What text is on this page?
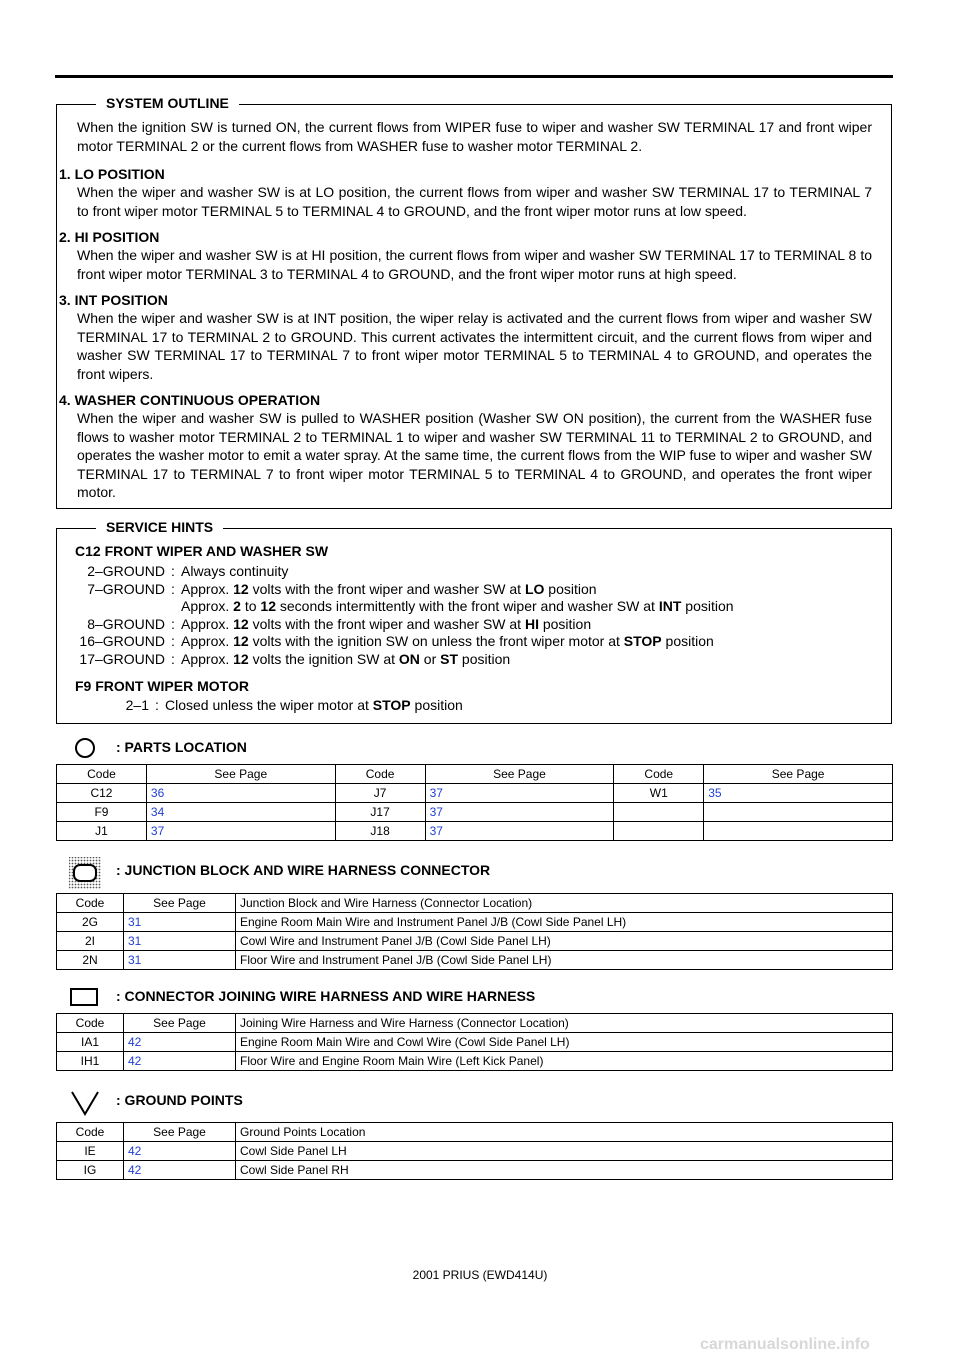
When the ignition SW is turned ON, the current flows from WIPER fuse to wiper and washer SW TERMINAL 17 and front wiper motor TERMINAL 2 or the current flows from WASHER fuse to washer motor TERMINAL 2.
1. LO POSITION
When the wiper and washer SW is at LO position, the current flows from wiper and washer SW TERMINAL 17 to TERMINAL 7 to front wiper motor TERMINAL 5 to TERMINAL 4 to GROUND, and the front wiper motor runs at low speed.
2. HI POSITION
When the wiper and washer SW is at HI position, the current flows from wiper and washer SW TERMINAL 17 to TERMINAL 8 to front wiper motor TERMINAL 3 to TERMINAL 4 to GROUND, and the front wiper motor runs at high speed.
3. INT POSITION
When the wiper and washer SW is at INT position, the wiper relay is activated and the current flows from wiper and washer SW TERMINAL 17 to TERMINAL 2 to GROUND. This current activates the intermittent circuit, and the current flows from wiper and washer SW TERMINAL 17 to TERMINAL 7 to front wiper motor TERMINAL 5 to TERMINAL 4 to GROUND, and operates the front wipers.
4. WASHER CONTINUOUS OPERATION
When the wiper and washer SW is pulled to WASHER position (Washer SW ON position), the current from the WASHER fuse flows to washer motor TERMINAL 2 to TERMINAL 1 to wiper and washer SW TERMINAL 11 to TERMINAL 2 to GROUND, and operates the washer motor to emit a water spray. At the same time, the current flows from the WIP fuse to wiper and washer SW TERMINAL 17 to TERMINAL 7 to front wiper motor TERMINAL 5 to TERMINAL 4 to GROUND, and operates the front wiper motor.
SYSTEM OUTLINE
C12 FRONT WIPER AND WASHER SW
2–GROUND : Always continuity
7–GROUND : Approx. 12 volts with the front wiper and washer SW at LO position
Approx. 2 to 12 seconds intermittently with the front wiper and washer SW at INT position
8–GROUND : Approx. 12 volts with the front wiper and washer SW at HI position
16–GROUND : Approx. 12 volts with the ignition SW on unless the front wiper motor at STOP position
17–GROUND : Approx. 12 volts the ignition SW at ON or ST position
F9 FRONT WIPER MOTOR
2–1 : Closed unless the wiper motor at STOP position
SERVICE HINTS
: PARTS LOCATION
Code	See Page	Code	See Page	Code	See Page
C12	36	J7	37	W1	35
F9	34	J17	37		
J1	37	J18	37		
: JUNCTION BLOCK AND WIRE HARNESS CONNECTOR
Code	See Page	Junction Block and Wire Harness (Connector Location)
2G	31	Engine Room Main Wire and Instrument Panel J/B (Cowl Side Panel LH)
2I	31	Cowl Wire and Instrument Panel J/B (Cowl Side Panel LH)
2N	31	Floor Wire and Instrument Panel J/B (Cowl Side Panel LH)
: CONNECTOR JOINING WIRE HARNESS AND WIRE HARNESS
Code	See Page	Joining Wire Harness and Wire Harness (Connector Location)
IA1	42	Engine Room Main Wire and Cowl Wire (Cowl Side Panel LH)
IH1	42	Floor Wire and Engine Room Main Wire (Left Kick Panel)
: GROUND POINTS
Code	See Page	Ground Points Location
IE	42	Cowl Side Panel LH
IG	42	Cowl Side Panel RH
2001 PRIUS (EWD414U)
carmanualsonline.info
